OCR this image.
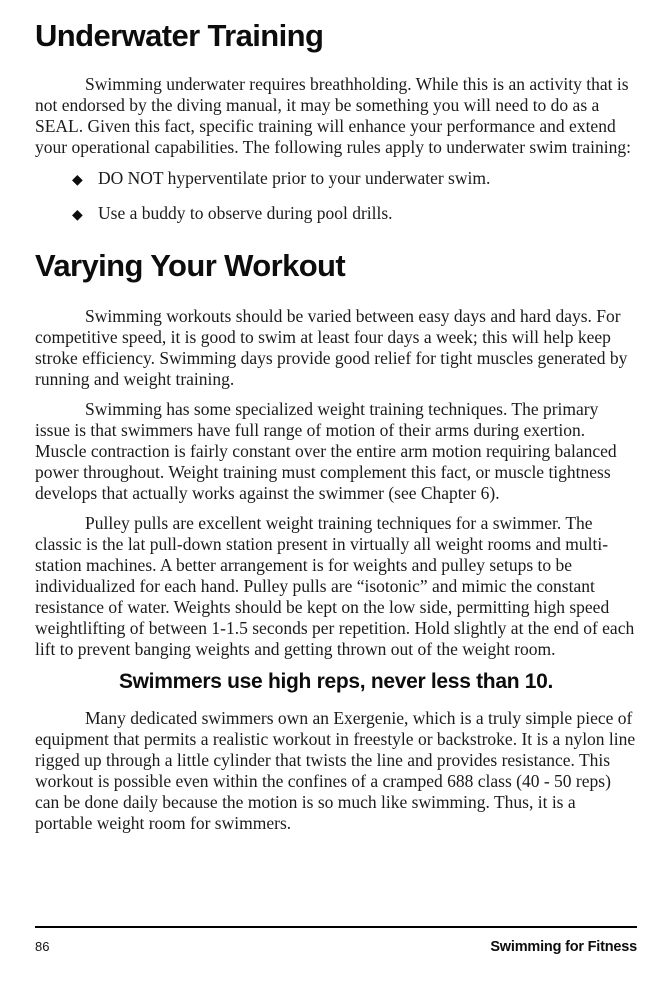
Underwater Training

Swimming underwater requires breathholding. While this is an activity that is not endorsed by the diving manual, it may be something you will need to do as a SEAL. Given this fact, specific training will enhance your performance and extend your operational capabilities. The following rules apply to underwater swim training:

◆ DO NOT hyperventilate prior to your underwater swim.
◆ Use a buddy to observe during pool drills.
Varying Your Workout

Swimming workouts should be varied between easy days and hard days. For competitive speed, it is good to swim at least four days a week; this will help keep stroke efficiency. Swimming days provide good relief for tight muscles generated by running and weight training.

Swimming has some specialized weight training techniques. The primary issue is that swimmers have full range of motion of their arms during exertion. Muscle contraction is fairly constant over the entire arm motion requiring balanced power throughout. Weight training must complement this fact, or muscle tightness develops that actually works against the swimmer (see Chapter 6).

Pulley pulls are excellent weight training techniques for a swimmer. The classic is the lat pull-down station present in virtually all weight rooms and multi-station machines. A better arrangement is for weights and pulley setups to be individualized for each hand. Pulley pulls are “isotonic” and mimic the constant resistance of water. Weights should be kept on the low side, permitting high speed weightlifting of between 1-1.5 seconds per repetition. Hold slightly at the end of each lift to prevent banging weights and getting thrown out of the weight room.

Swimmers use high reps, never less than 10.

Many dedicated swimmers own an Exergenie, which is a truly simple piece of equipment that permits a realistic workout in freestyle or backstroke. It is a nylon line rigged up through a little cylinder that twists the line and provides resistance. This workout is possible even within the confines of a cramped 688 class (40 - 50 reps) can be done daily because the motion is so much like swimming. Thus, it is a portable weight room for swimmers.

86	Swimming for Fitness
